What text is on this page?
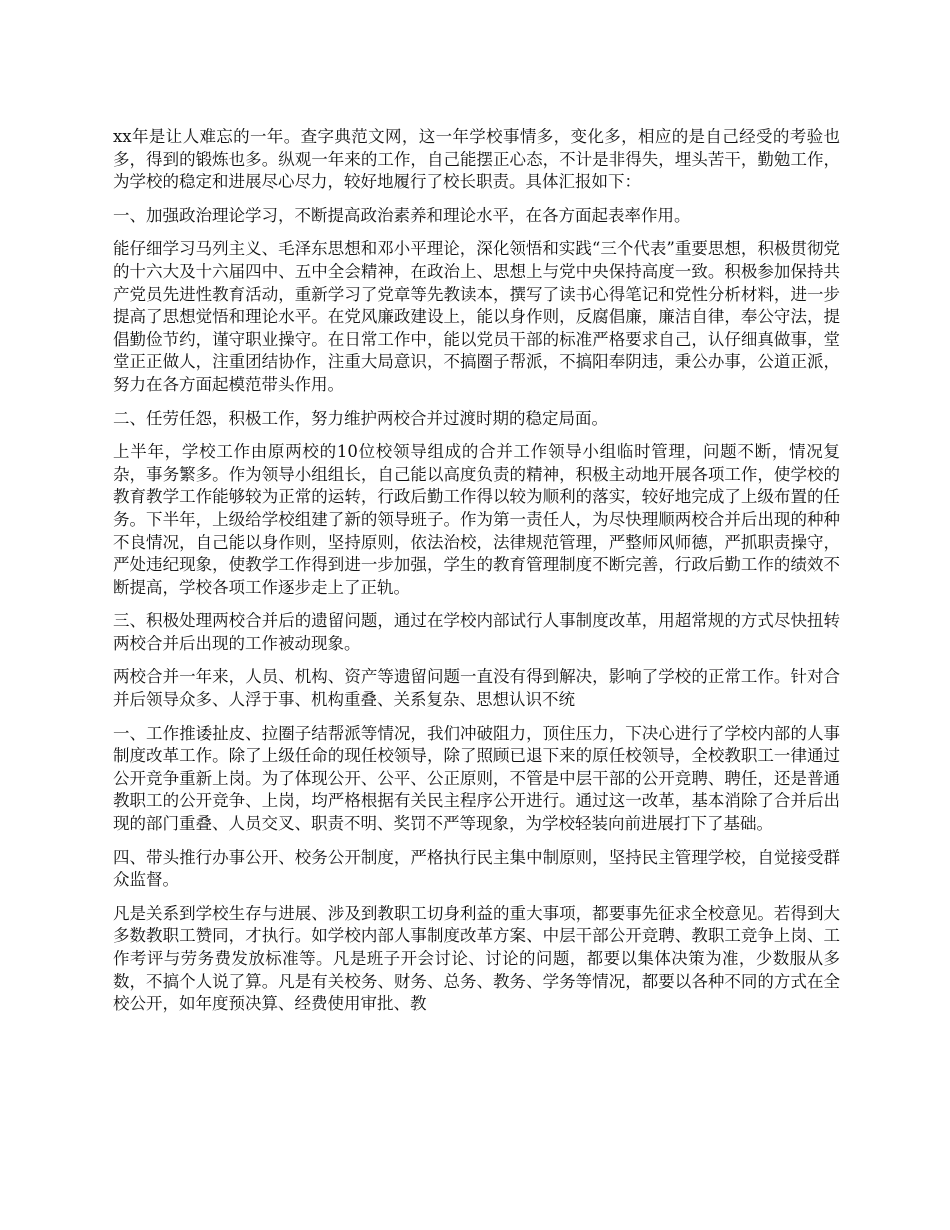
xx年是让人难忘的一年。查字典范文网，这一年学校事情多，变化多，相应的是自己经受的考验也多，得到的锻炼也多。纵观一年来的工作，自己能摆正心态，不计是非得失，埋头苦干，勤勉工作，为学校的稳定和进展尽心尽力，较好地履行了校长职责。具体汇报如下：

一、加强政治理论学习，不断提高政治素养和理论水平，在各方面起表率作用。

能仔细学习马列主义、毛泽东思想和邓小平理论，深化领悟和实践“三个代表”重要思想，积极贯彻党的十六大及十六届四中、五中全会精神，在政治上、思想上与党中央保持高度一致。积极参加保持共产党员先进性教育活动，重新学习了党章等先教读本，撰写了读书心得笔记和党性分析材料，进一步提高了思想觉悟和理论水平。在党风廉政建设上，能以身作则，反腐倡廉，廉洁自律，奉公守法，提倡勤俭节约，谨守职业操守。在日常工作中，能以党员干部的标准严格要求自己，认仔细真做事，堂堂正正做人，注重团结协作，注重大局意识，不搞圈子帮派，不搞阳奉阴违，秉公办事，公道正派，努力在各方面起模范带头作用。

二、任劳任怨，积极工作，努力维护两校合并过渡时期的稳定局面。

上半年，学校工作由原两校的10位校领导组成的合并工作领导小组临时管理，问题不断，情况复杂，事务繁多。作为领导小组组长，自己能以高度负责的精神，积极主动地开展各项工作，使学校的教育教学工作能够较为正常的运转，行政后勤工作得以较为顺利的落实，较好地完成了上级布置的任务。下半年，上级给学校组建了新的领导班子。作为第一责任人，为尽快理顺两校合并后出现的种种不良情况，自己能以身作则，坚持原则，依法治校，法律规范管理，严整师风师德，严抓职责操守，严处违纪现象，使教学工作得到进一步加强，学生的教育管理制度不断完善，行政后勤工作的绩效不断提高，学校各项工作逐步走上了正轨。

三、积极处理两校合并后的遗留问题，通过在学校内部试行人事制度改革，用超常规的方式尽快扭转两校合并后出现的工作被动现象。

两校合并一年来，人员、机构、资产等遗留问题一直没有得到解决，影响了学校的正常工作。针对合并后领导众多、人浮于事、机构重叠、关系复杂、思想认识不统

一、工作推诿扯皮、拉圈子结帮派等情况，我们冲破阻力，顶住压力，下决心进行了学校内部的人事制度改革工作。除了上级任命的现任校领导，除了照顾已退下来的原任校领导，全校教职工一律通过公开竞争重新上岗。为了体现公开、公平、公正原则，不管是中层干部的公开竞聘、聘任，还是普通教职工的公开竞争、上岗，均严格根据有关民主程序公开进行。通过这一改革，基本消除了合并后出现的部门重叠、人员交叉、职责不明、奖罚不严等现象，为学校轻装向前进展打下了基础。

四、带头推行办事公开、校务公开制度，严格执行民主集中制原则，坚持民主管理学校，自觉接受群众监督。

凡是关系到学校生存与进展、涉及到教职工切身利益的重大事项，都要事先征求全校意见。若得到大多数教职工赞同，才执行。如学校内部人事制度改革方案、中层干部公开竞聘、教职工竞争上岗、工作考评与劳务费发放标准等。凡是班子开会讨论、讨论的问题，都要以集体决策为准，少数服从多数，不搞个人说了算。凡是有关校务、财务、总务、教务、学务等情况，都要以各种不同的方式在全校公开，如年度预决算、经费使用审批、教
